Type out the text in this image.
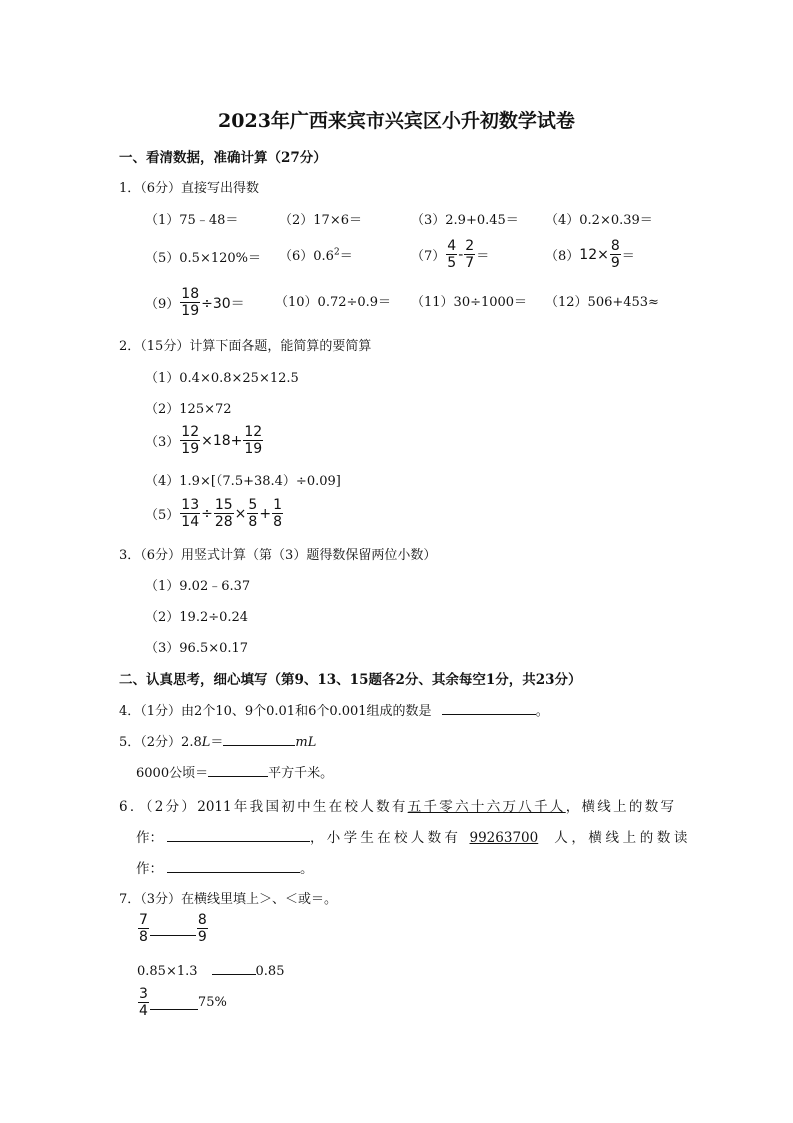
2023年广西来宾市兴宾区小升初数学试卷
一、看清数据，准确计算（27分）
1．（6分）直接写出得数
（1）75﹣48＝	（2）17×6＝	（3）2.9+0.45＝ （4）0.2×0.39＝
$(5)0.5\times 120\%= (6)0.6^2=$	$(7) \frac{4}{5} - \frac{2}{7}$ ＝	（8） $12\times \frac{8}{9}$ ＝
$(9) \frac{18}{19} \div 30= (10)0.72\div 0.9= (11)30\div 1000= (12)506+453\approx$
2．（15分）计算下面各题，能简算的要简算
（1）0.4×0.8×25×12.5
（2）125×72
$(3) \frac{12}{19} \times 18+ \frac{12}{19}$
（4）1.9×[（7.5+38.4）÷0.09]
$(5) \frac{13}{14} \div \frac{15}{28} \times \frac{5}{8} + \frac{1}{8}$
3．（6分）用竖式计算（第（3）题得数保留两位小数）
（1）9.02﹣6.37
（2）19.2÷0.24
（3）96.5×0.17
二、认真思考，细心填写（第9、13、15题各2分、其余每空1分，共23分）
4．（1分）由2个10、9个0.01和6个0.001组成的数是	。
5．（2分）2.8L＝	mL
6000公顷＝	平方千米。
6．（2分）2011年我国初中生在校人数有五千零六十六万八千人，横线上的数写
作：	，小学生在校人数有 99263700 人，横线上的数读
作：	。
7．（3分）在横线里填上＞、＜或＝。
$\frac{7}{8}$	$\frac{8}{9}$
0.85×1.3	0.85
$\frac{3}{4}$	75%
